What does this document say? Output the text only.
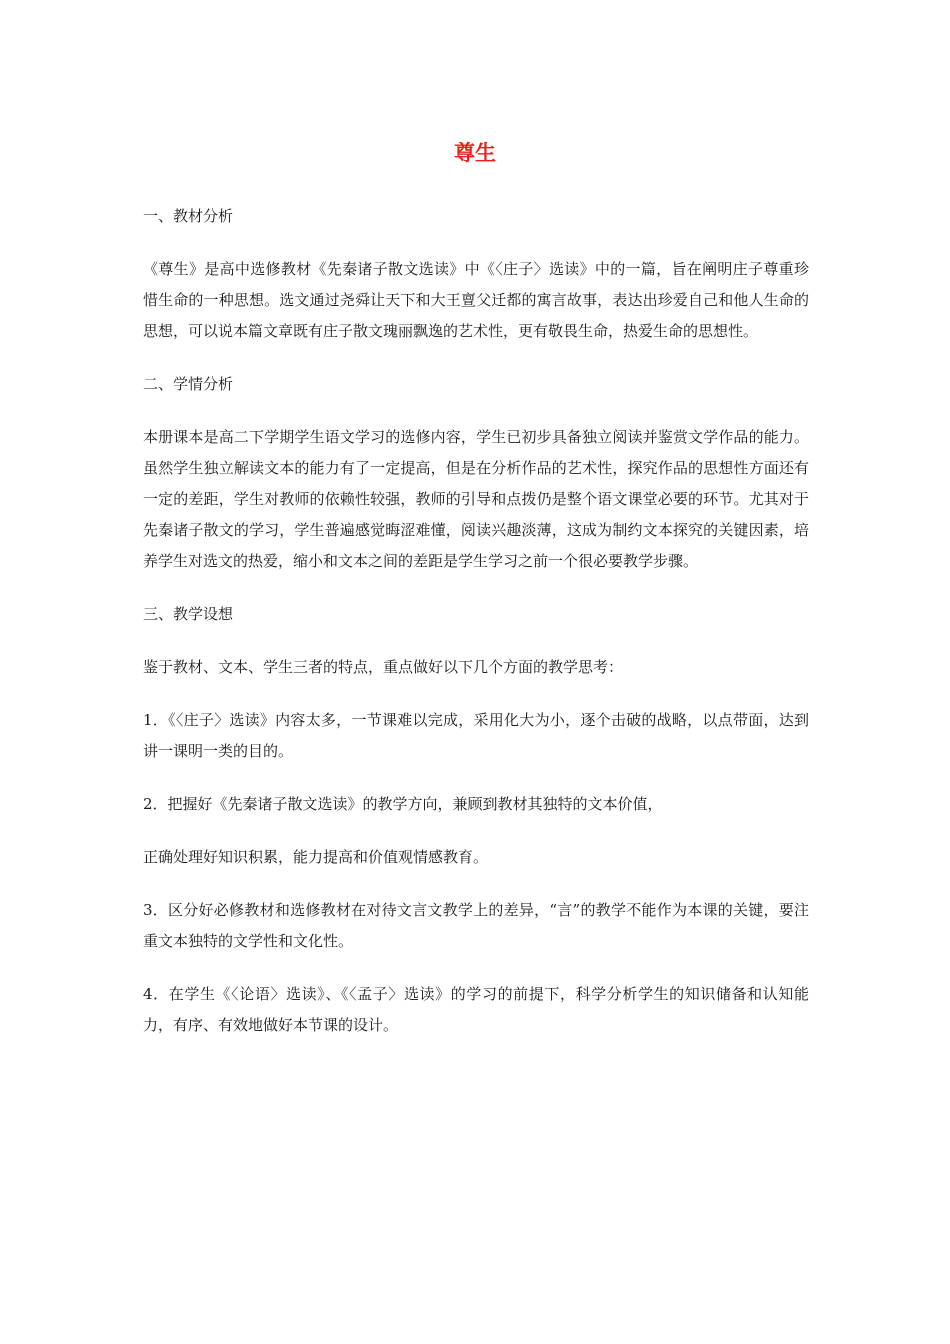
尊生

一、教材分析

《尊生》是高中选修教材《先秦诸子散文选读》中《〈庄子〉选读》中的一篇，旨在阐明庄子尊重珍惜生命的一种思想。选文通过尧舜让天下和大王亶父迁都的寓言故事，表达出珍爱自己和他人生命的思想，可以说本篇文章既有庄子散文瑰丽飘逸的艺术性，更有敬畏生命，热爱生命的思想性。

二、学情分析

本册课本是高二下学期学生语文学习的选修内容，学生已初步具备独立阅读并鉴赏文学作品的能力。虽然学生独立解读文本的能力有了一定提高，但是在分析作品的艺术性，探究作品的思想性方面还有一定的差距，学生对教师的依赖性较强，教师的引导和点拨仍是整个语文课堂必要的环节。尤其对于先秦诸子散文的学习，学生普遍感觉晦涩难懂，阅读兴趣淡薄，这成为制约文本探究的关键因素，培养学生对选文的热爱，缩小和文本之间的差距是学生学习之前一个很必要教学步骤。

三、教学设想

鉴于教材、文本、学生三者的特点，重点做好以下几个方面的教学思考：

1．《〈庄子〉选读》内容太多，一节课难以完成，采用化大为小，逐个击破的战略，以点带面，达到讲一课明一类的目的。

2．把握好《先秦诸子散文选读》的教学方向，兼顾到教材其独特的文本价值，

正确处理好知识积累，能力提高和价值观情感教育。

3．区分好必修教材和选修教材在对待文言文教学上的差异，“言”的教学不能作为本课的关键，要注重文本独特的文学性和文化性。

4．在学生《〈论语〉选读》、《〈孟子〉选读》的学习的前提下，科学分析学生的知识储备和认知能力，有序、有效地做好本节课的设计。
